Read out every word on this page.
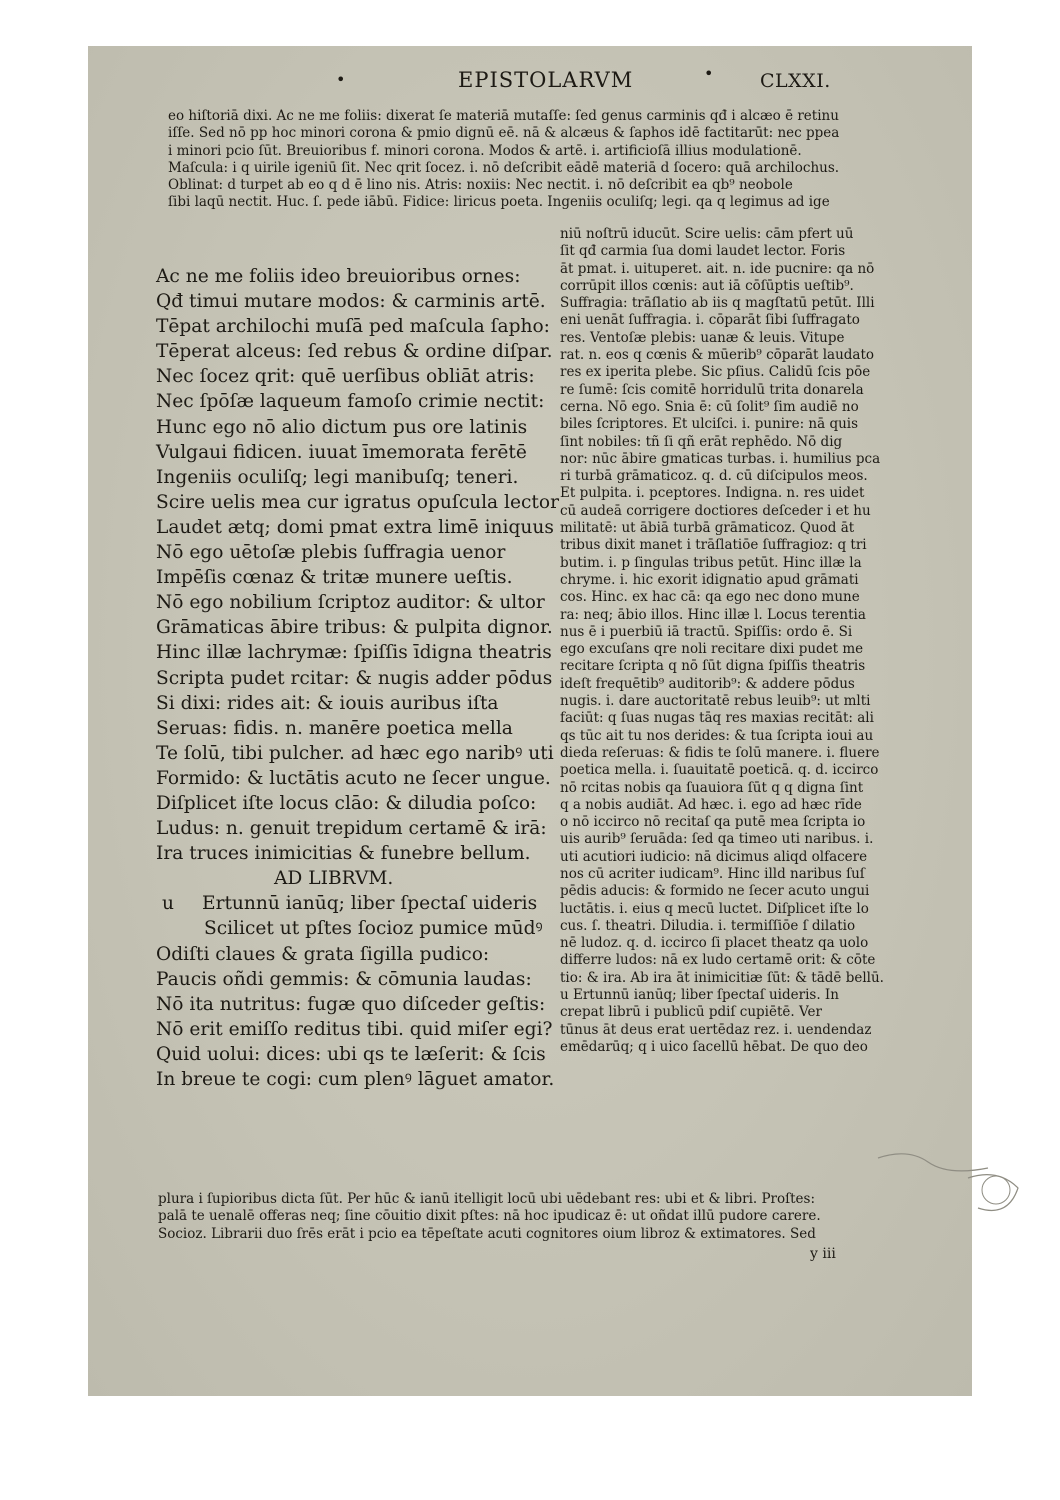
•	EPISTOLARVM	• CLXXI.

eo hiſtoriā dixi. Ac ne me foliis: dixerat ſe materiā mutaſſe: ſed genus carminis qđ i alcæo ē retinu

iſſe. Sed nō pp hoc minori corona & pmio dignū eē. nā & alcæus & ſaphos idē factitarūt: nec ppea

i minori pcio ſūt. Breuioribus f. minori corona. Modos & artē. i. artificioſā illius modulationē.

Maſcula: i q uirile igeniū ſit. Nec qrit ſocez. i. nō deſcribit eādē materiā d ſocero: quā archilochus.

Oblinat: d turpet ab eo q d ē lino nis. Atris: noxiis: Nec nectit. i. nō deſcribit ea qb⁹ neobole

ſibi laqū nectit. Huc. ſ. pede iābū. Fidice: liricus poeta. Ingeniis oculiſq; legi. qa q legimus ad ige

Ac ne me foliis ideo breuioribus ornes:

Qđ timui mutare modos: & carminis artē.

Tēpat archilochi muſā ped maſcula ſapho:

Tēperat alceus: ſed rebus & ordine diſpar.

Nec ſocez qrit: quē uerſibus obliāt atris:

Nec ſpōſæ laqueum famoſo crimie nectit:

Hunc ego nō alio dictum pus ore latinis

Vulgaui fidicen. iuuat īmemorata ferētē

Ingeniis oculiſq; legi manibuſq; teneri.

Scire uelis mea cur igratus opuſcula lector

Laudet ætq; domi pmat extra limē iniquus

Nō ego uētoſæ plebis ſuffragia uenor

Impēſis cœnaz & tritæ munere ueſtis.

Nō ego nobilium ſcriptoz auditor: & ultor

Grāmaticas ābire tribus: & pulpita dignor.

Hinc illæ lachrymæ: ſpiſſis īdigna theatris

Scripta pudet rcitar: & nugis adder pōdus

Si dixi: rides ait: & iouis auribus iſta

Seruas: fidis. n. manēre poetica mella

Te ſolū, tibi pulcher. ad hæc ego naribꝰ uti

Formido: & luctātis acuto ne ſecer ungue.

Diſplicet iſte locus clāo: & diludia poſco:

Ludus: n. genuit trepidum certamē & irā:

Ira truces inimicitias & funebre bellum.

AD LIBRVM.

u Ertunnū ianūq; liber ſpectaſ uideris

Scilicet ut pſtes ſocioz pumice mūdꝰ

Odiſti claues & grata ſigilla pudico:

Paucis oñdi gemmis: & cōmunia laudas:

Nō ita nutritus: fugæ quo diſceder geſtis:

Nō erit emiſſo reditus tibi. quid miſer egi?

Quid uolui: dices: ubi qs te læſerit: & ſcis

In breue te cogi: cum plenꝰ lāguet amator.

niū noſtrū iducūt. Scire uelis: cām pfert uū

ſit qđ carmia ſua domi laudet lector. Foris

āt pmat. i. uituperet. ait. n. ide pucnire: qa nō

corrūpit illos cœnis: aut iā cōſūptis ueſtib⁹.

Suffragia: trāſlatio ab iis q magſtatū petūt. Illi

eni uenāt ſuffragia. i. cōparāt ſibi ſuffragato

res. Ventoſæ plebis: uanæ & leuis. Vitupe

rat. n. eos q cœnis & mūerib⁹ cōparāt laudato

res ex iperita plebe. Sic pſius. Calidū ſcis pōe

re ſumē: ſcis comitē horridulū trita donarela

cerna. Nō ego. Snia ē: cū ſolit⁹ ſim audiē no

biles ſcriptores. Et ulciſci. i. punire: nā quis

ſint nobiles: tñ ſi qñ erāt rephēdo. Nō dig

nor: nūc ābire gmaticas turbas. i. humilius pca

ri turbā grāmaticoz. q. d. cū diſcipulos meos.

Et pulpita. i. pceptores. Indigna. n. res uidet

cū audeā corrigere doctiores deſceder i et hu

militatē: ut ābiā turbā grāmaticoz. Quod āt

tribus dixit manet i trāſlatiōe ſuffragioz: q tri

butim. i. p ſingulas tribus petūt. Hinc illæ la

chryme. i. hic exorit idignatio apud grāmati

cos. Hinc. ex hac cā: qa ego nec dono mune

ra: neq; ābio illos. Hinc illæ l. Locus terentia

nus ē i puerbiū iā tractū. Spiſſis: ordo ē. Si

ego excuſans qre noli recitare dixi pudet me

recitare ſcripta q nō ſūt digna ſpiſſis theatris

ideſt frequētib⁹ auditorib⁹: & addere pōdus

nugis. i. dare auctoritatē rebus leuib⁹: ut mlti

faciūt: q ſuas nugas tāq res maxias recitāt: ali

qs tūc ait tu nos derides: & tua ſcripta ioui au

dieda reſeruas: & fidis te ſolū manere. i. fluere

poetica mella. i. ſuauitatē poeticā. q. d. iccirco

nō rcitas nobis qa ſuauiora ſūt q q digna ſint

q a nobis audiāt. Ad hæc. i. ego ad hæc rīde

o nō iccirco nō recitaſ qa putē mea ſcripta io

uis aurib⁹ ſeruāda: ſed qa timeo uti naribus. i.

uti acutiori iudicio: nā dicimus aliqd olfacere

nos cū acriter iudicam⁹. Hinc illd naribus ſuſ

pēdis aducis: & formido ne ſecer acuto ungui

luctātis. i. eius q mecū luctet. Diſplicet iſte lo

cus. ſ. theatri. Diludia. i. termiſſiōe ſ dilatio

nē ludoz. q. d. iccirco ſi placet theatz qa uolo

differre ludos: nā ex ludo certamē orit: & cōte

tio: & ira. Ab ira āt inimicitiæ ſūt: & tādē bellū.

u Ertunnū ianūq; liber ſpectaſ uideris. In

crepat librū i publicū pdiſ cupiētē. Ver

tūnus āt deus erat uertēdaz rez. i. uendendaz

emēdarūq; q i uico ſacellū hēbat. De quo deo

plura i ſupioribus dicta ſūt. Per hūc & ianū itelligit locū ubi uēdebant res: ubi et & libri. Proſtes:

palā te uenalē offeras neq; ſine cōuitio dixit pſtes: nā hoc ipudicaz ē: ut oñdat illū pudore carere.

Socioz. Librarii duo ſrēs erāt i pcio ea tēpeſtate acuti cognitores oium libroz & extimatores. Sed

y iii
